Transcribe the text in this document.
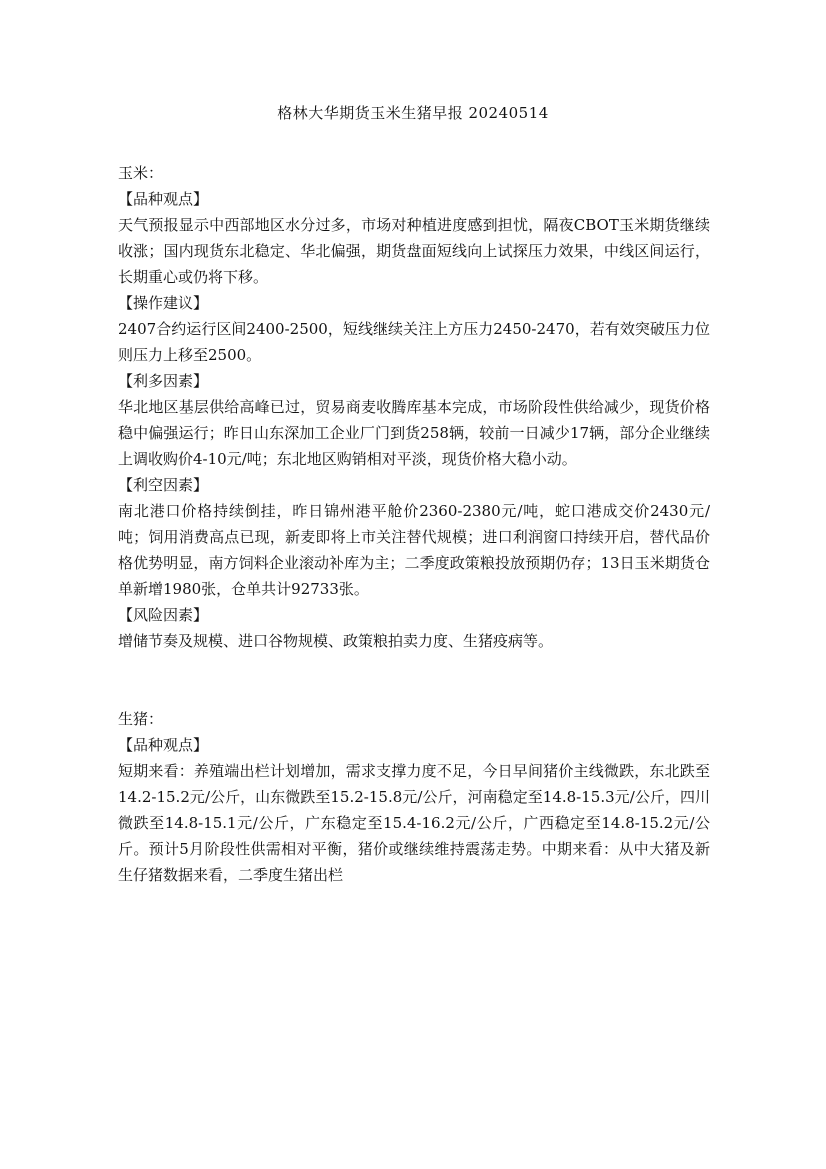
格林大华期货玉米生猪早报 20240514
玉米：
【品种观点】

天气预报显示中西部地区水分过多，市场对种植进度感到担忧，隔夜CBOT玉米期货继续收涨；国内现货东北稳定、华北偏强，期货盘面短线向上试探压力效果，中线区间运行，长期重心或仍将下移。

【操作建议】

2407合约运行区间2400-2500，短线继续关注上方压力2450-2470，若有效突破压力位则压力上移至2500。

【利多因素】

华北地区基层供给高峰已过，贸易商麦收腾库基本完成，市场阶段性供给减少，现货价格稳中偏强运行；昨日山东深加工企业厂门到货258辆，较前一日减少17辆，部分企业继续上调收购价4-10元/吨；东北地区购销相对平淡，现货价格大稳小动。

【利空因素】

南北港口价格持续倒挂，昨日锦州港平舱价2360-2380元/吨，蛇口港成交价2430元/吨；饲用消费高点已现，新麦即将上市关注替代规模；进口利润窗口持续开启，替代品价格优势明显，南方饲料企业滚动补库为主；二季度政策粮投放预期仍存；13日玉米期货仓单新增1980张，仓单共计92733张。

【风险因素】

增储节奏及规模、进口谷物规模、政策粮拍卖力度、生猪疫病等。

生猪：
【品种观点】

短期来看：养殖端出栏计划增加，需求支撑力度不足，今日早间猪价主线微跌，东北跌至14.2-15.2元/公斤，山东微跌至15.2-15.8元/公斤，河南稳定至14.8-15.3元/公斤，四川微跌至14.8-15.1元/公斤，广东稳定至15.4-16.2元/公斤，广西稳定至14.8-15.2元/公斤。预计5月阶段性供需相对平衡，猪价或继续维持震荡走势。中期来看：从中大猪及新生仔猪数据来看，二季度生猪出栏
